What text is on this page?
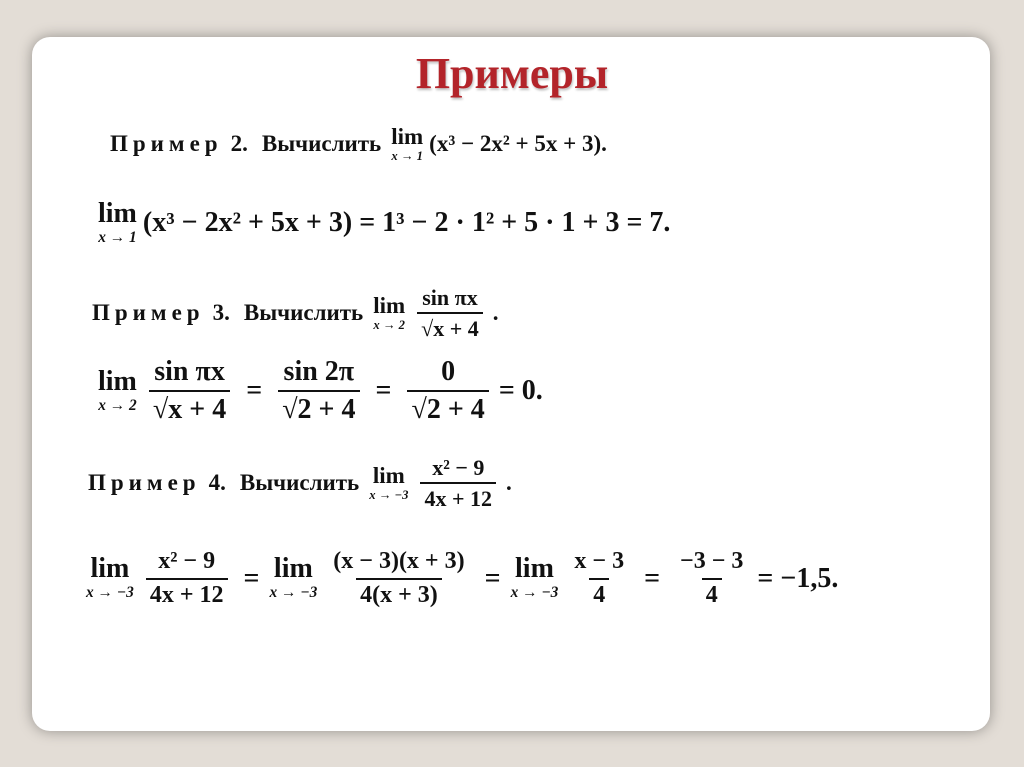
Примеры
Пример 2. Вычислить lim
x → 1 (x³ − 2x² + 5x + 3).
lim
x → 1 (x³ − 2x² + 5x + 3) = 1³ − 2 · 1² + 5 · 1 + 3 = 7.
Пример 3. Вычислить lim
$x \to 2 \frac{\text{sin πx}}{√x + 4}$ .
lim
$x \to 2 \frac{\text{sin πx}}{√x + 4} = \frac{\sin 2\pi}{√2 + 4} = \frac{0}{√2 + 4} = 0$.
Пример 4. Вычислить lim
$x \to -3 \frac{\text{x² − 9}}{4x + 12}$ .
lim
$x \to -3 \frac{\text{x² − 9}}{4x + 12} = \lim$
$x \to -3 \frac{(x - 3)(x + 3)}{4(x + 3)} = \lim$
$x \to -3 \frac{x - 3}{4} = \frac{-3 - 3}{4} = -1,5$.
